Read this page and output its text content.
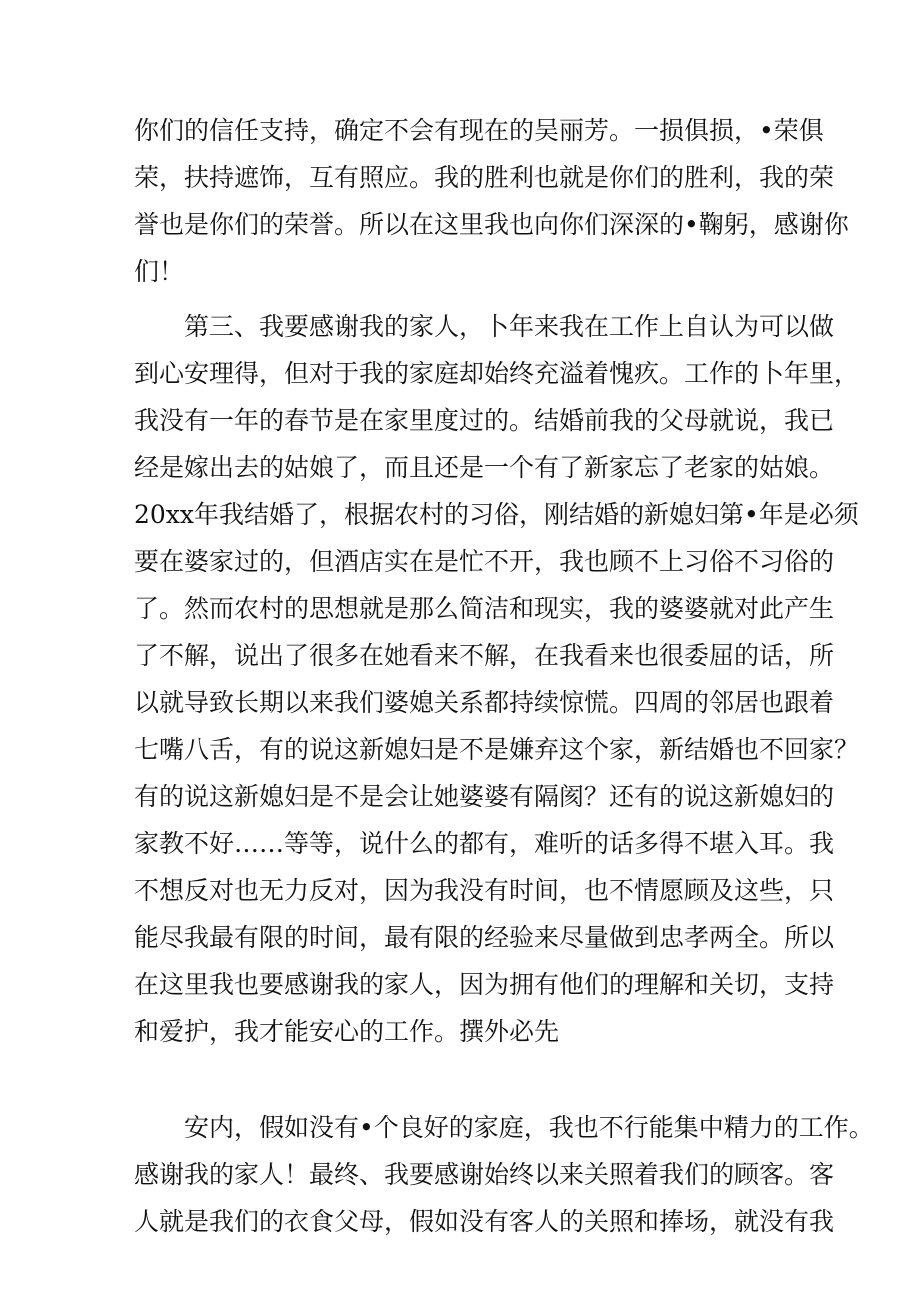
你们的信任支持，确定不会有现在的吴丽芳。一损俱损，•荣俱
荣，扶持遮饰，互有照应。我的胜利也就是你们的胜利，我的荣
誉也是你们的荣誉。所以在这里我也向你们深深的•鞠躬，感谢你
们！
第三、我要感谢我的家人，卜年来我在工作上自认为可以做
到心安理得，但对于我的家庭却始终充溢着愧疚。工作的卜年里，
我没有一年的春节是在家里度过的。结婚前我的父母就说，我已
经是嫁出去的姑娘了，而且还是一个有了新家忘了老家的姑娘。
20xx年我结婚了，根据农村的习俗，刚结婚的新媳妇第•年是必须
要在婆家过的，但酒店实在是忙不开，我也顾不上习俗不习俗的
了。然而农村的思想就是那么简洁和现实，我的婆婆就对此产生
了不解，说出了很多在她看来不解，在我看来也很委屈的话，所
以就导致长期以来我们婆媳关系都持续惊慌。四周的邻居也跟着
七嘴八舌，有的说这新媳妇是不是嫌弃这个家，新结婚也不回家？
有的说这新媳妇是不是会让她婆婆有隔阂？还有的说这新媳妇的
家教不好……等等，说什么的都有，难听的话多得不堪入耳。我
不想反对也无力反对，因为我没有时间，也不情愿顾及这些，只
能尽我最有限的时间，最有限的经验来尽量做到忠孝两全。所以
在这里我也要感谢我的家人，因为拥有他们的理解和关切，支持
和爱护，我才能安心的工作。撰外必先
安内，假如没有•个良好的家庭，我也不行能集中精力的工作。
感谢我的家人！最终、我要感谢始终以来关照着我们的顾客。客
人就是我们的衣食父母，假如没有客人的关照和捧场，就没有我
